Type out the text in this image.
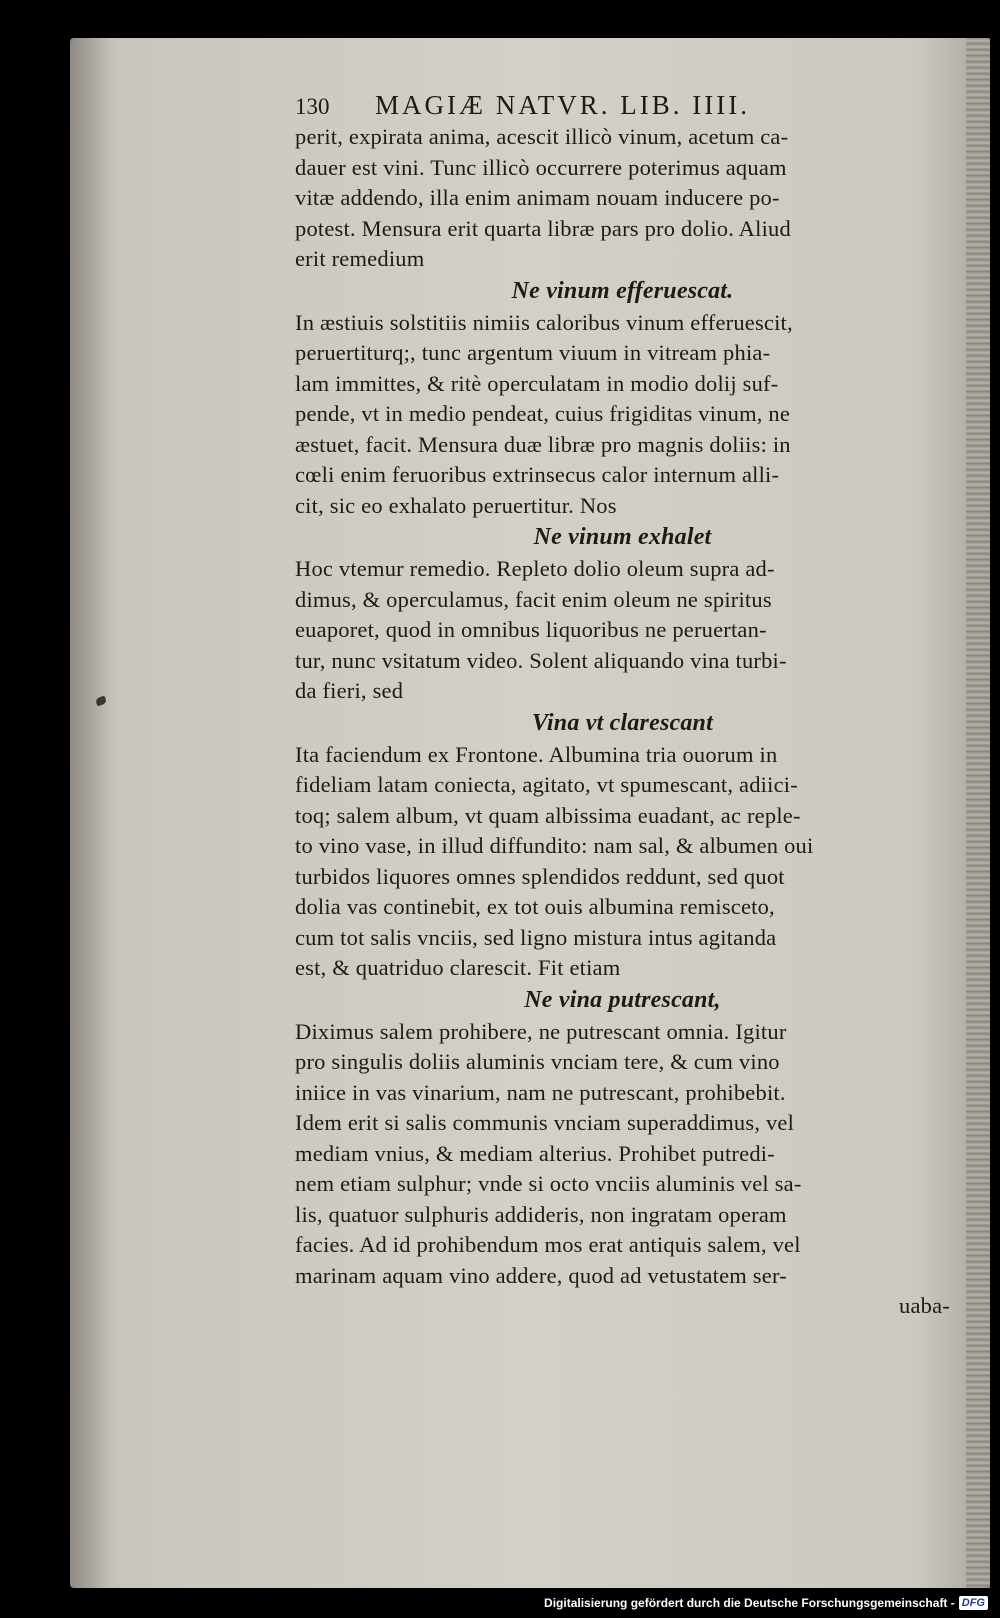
130 MAGIÆ NATVR. LIB. IIII.
perit, expirata anima, acescit illicò vinum, acetum ca-
dauer est vini. Tunc illicò occurrere poterimus aquam
vitæ addendo, illa enim animam nouam inducere po-
potest. Mensura erit quarta libræ pars pro dolio. Aliud
erit remedium
Ne vinum efferuescat.
In æstiuis solstitiis nimiis caloribus vinum efferuescit,
peruertiturq;, tunc argentum viuum in vitream phia-
lam immittes, & ritè operculatam in modio dolij suf-
pende, vt in medio pendeat, cuius frigiditas vinum, ne
æstuet, facit. Mensura duæ libræ pro magnis doliis: in
cœli enim feruoribus extrinsecus calor internum alli-
cit, sic eo exhalato peruertitur. Nos
Ne vinum exhalet
Hoc vtemur remedio. Repleto dolio oleum supra ad-
dimus, & operculamus, facit enim oleum ne spiritus
euaporet, quod in omnibus liquoribus ne peruertan-
tur, nunc vsitatum video. Solent aliquando vina turbi-
da fieri, sed
Vina vt clarescant
Ita faciendum ex Frontone. Albumina tria ouorum in
fideliam latam coniecta, agitato, vt spumescant, adiici-
toq; salem album, vt quam albissima euadant, ac reple-
to vino vase, in illud diffundito: nam sal, & albumen oui
turbidos liquores omnes splendidos reddunt, sed quot
dolia vas continebit, ex tot ouis albumina remisceto,
cum tot salis vnciis, sed ligno mistura intus agitanda
est, & quatriduo clarescit. Fit etiam
Ne vina putrescant,
Diximus salem prohibere, ne putrescant omnia. Igitur
pro singulis doliis aluminis vnciam tere, & cum vino
iniice in vas vinarium, nam ne putrescant, prohibebit.
Idem erit si salis communis vnciam superaddimus, vel
mediam vnius, & mediam alterius. Prohibet putredi-
nem etiam sulphur; vnde si octo vnciis aluminis vel sa-
lis, quatuor sulphuris addideris, non ingratam operam
facies. Ad id prohibendum mos erat antiquis salem, vel
marinam aquam vino addere, quod ad vetustatem ser-
uaba-
Digitalisierung gefördert durch die Deutsche Forschungsgemeinschaft - DFG
